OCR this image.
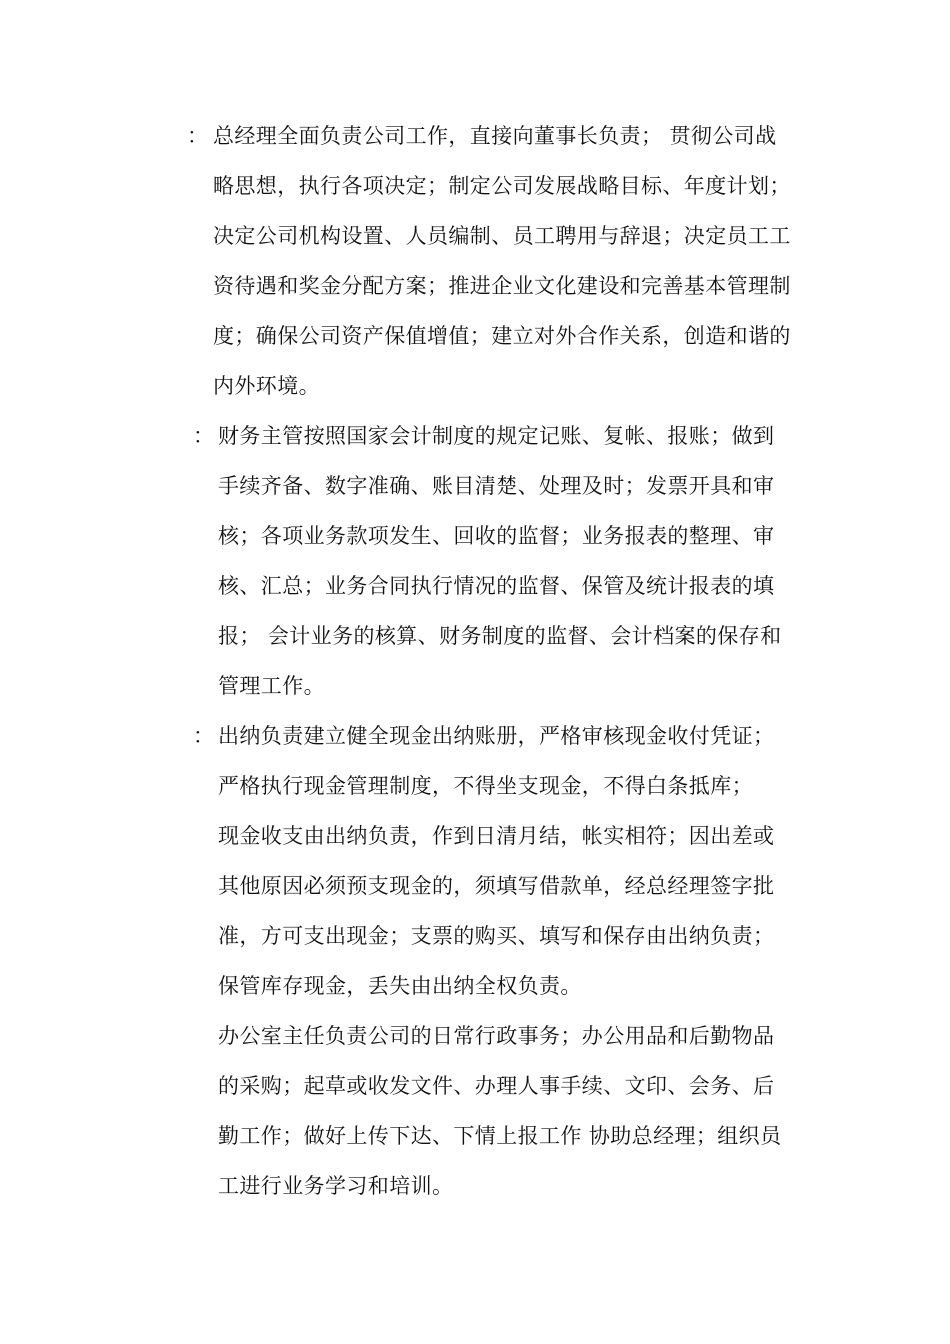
： 总经理全面负责公司工作，直接向董事长负责； 贯彻公司战
略思想，执行各项决定；制定公司发展战略目标、年度计划；
决定公司机构设置、人员编制、员工聘用与辞退；决定员工工
资待遇和奖金分配方案；推进企业文化建设和完善基本管理制
度；确保公司资产保值增值；建立对外合作关系，创造和谐的
内外环境。
： 财务主管按照国家会计制度的规定记账、复帐、报账；做到
手续齐备、数字准确、账目清楚、处理及时；发票开具和审
核；各项业务款项发生、回收的监督；业务报表的整理、审
核、汇总；业务合同执行情况的监督、保管及统计报表的填
报； 会计业务的核算、财务制度的监督、会计档案的保存和
管理工作。
： 出纳负责建立健全现金出纳账册，严格审核现金收付凭证；
严格执行现金管理制度，不得坐支现金，不得白条抵库；
现金收支由出纳负责，作到日清月结，帐实相符；因出差或
其他原因必须预支现金的，须填写借款单，经总经理签字批
准，方可支出现金；支票的购买、填写和保存由出纳负责；
保管库存现金，丢失由出纳全权负责。
办公室主任负责公司的日常行政事务；办公用品和后勤物品
的采购；起草或收发文件、办理人事手续、文印、会务、后
勤工作；做好上传下达、下情上报工作 协助总经理；组织员
工进行业务学习和培训。
